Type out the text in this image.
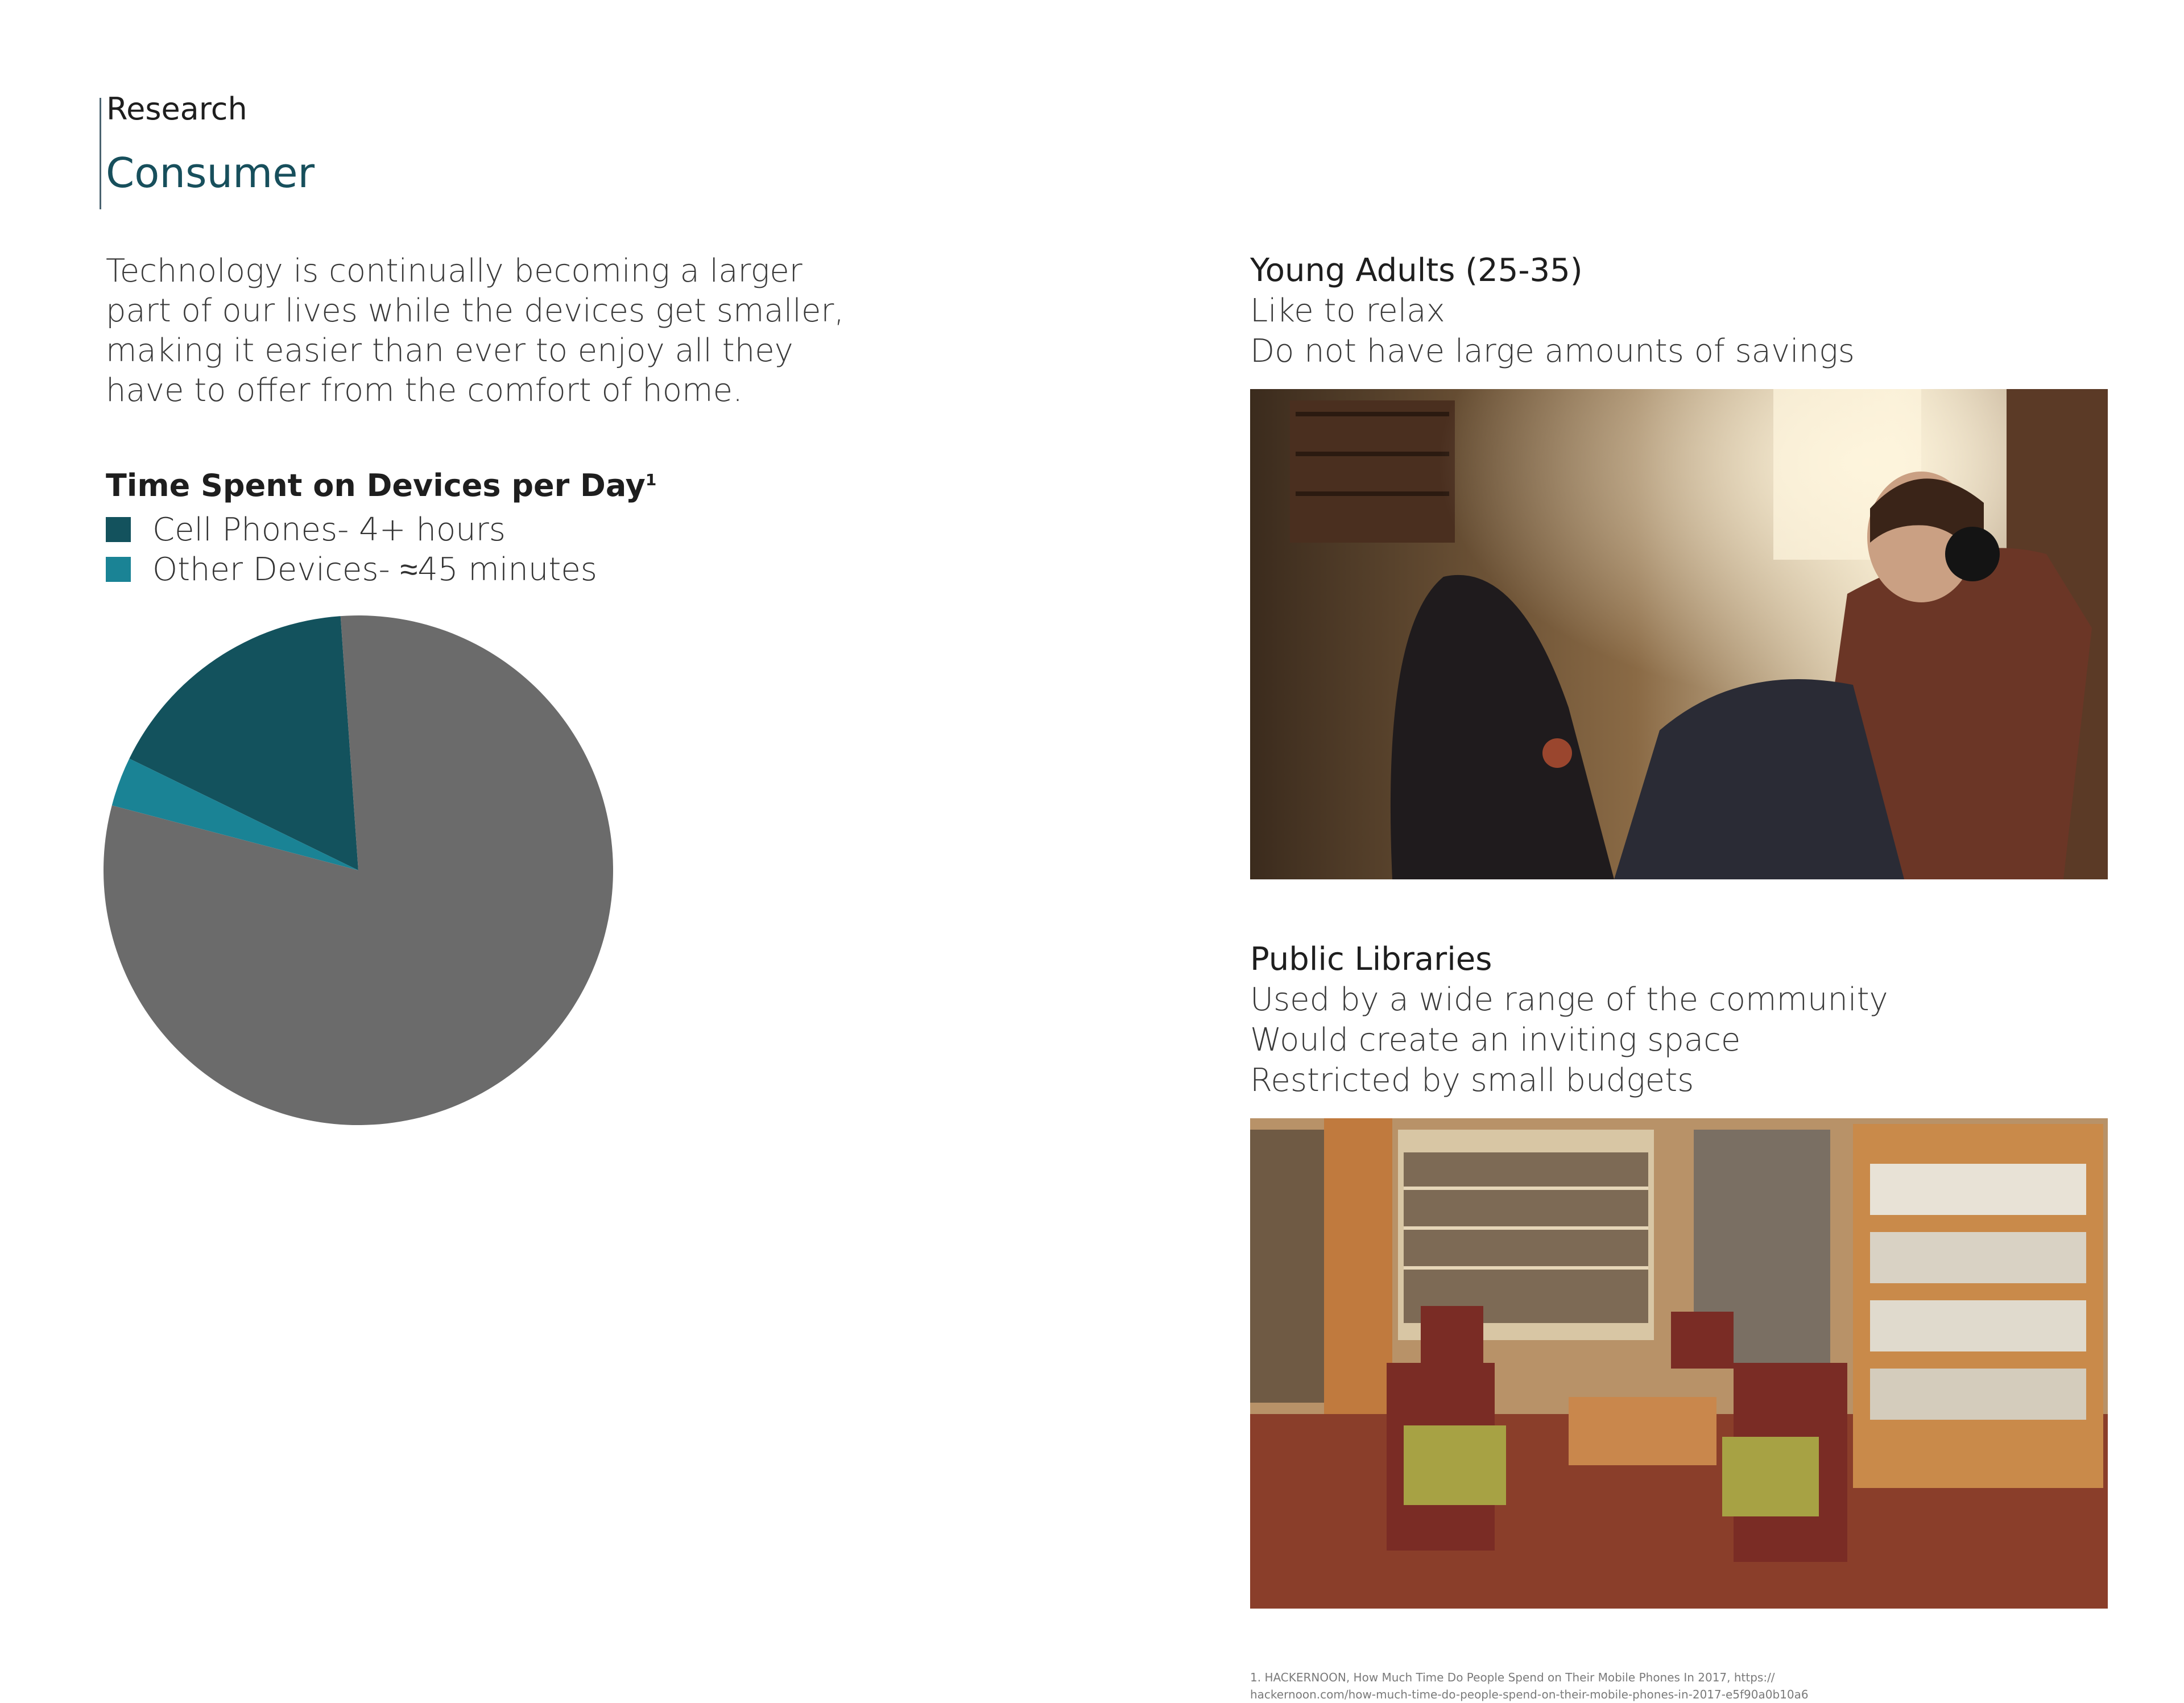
Research
Consumer

Technology is continually becoming a larger
part of our lives while the devices get smaller,
making it easier than ever to enjoy all they
have to offer from the comfort of home.

Time Spent on Devices per Day$^1$
Cell Phones- 4+ hours
Other Devices- ≈45 minutes
Young Adults (25-35)
Like to relax
Do not have large amounts of savings
Public Libraries
Used by a wide range of the community
Would create an inviting space
Restricted by small budgets

1. HACKERNOON, How Much Time Do People Spend on Their Mobile Phones In 2017, https://
hackernoon.com/how-much-time-do-people-spend-on-their-mobile-phones-in-2017-e5f90a0b10a6
